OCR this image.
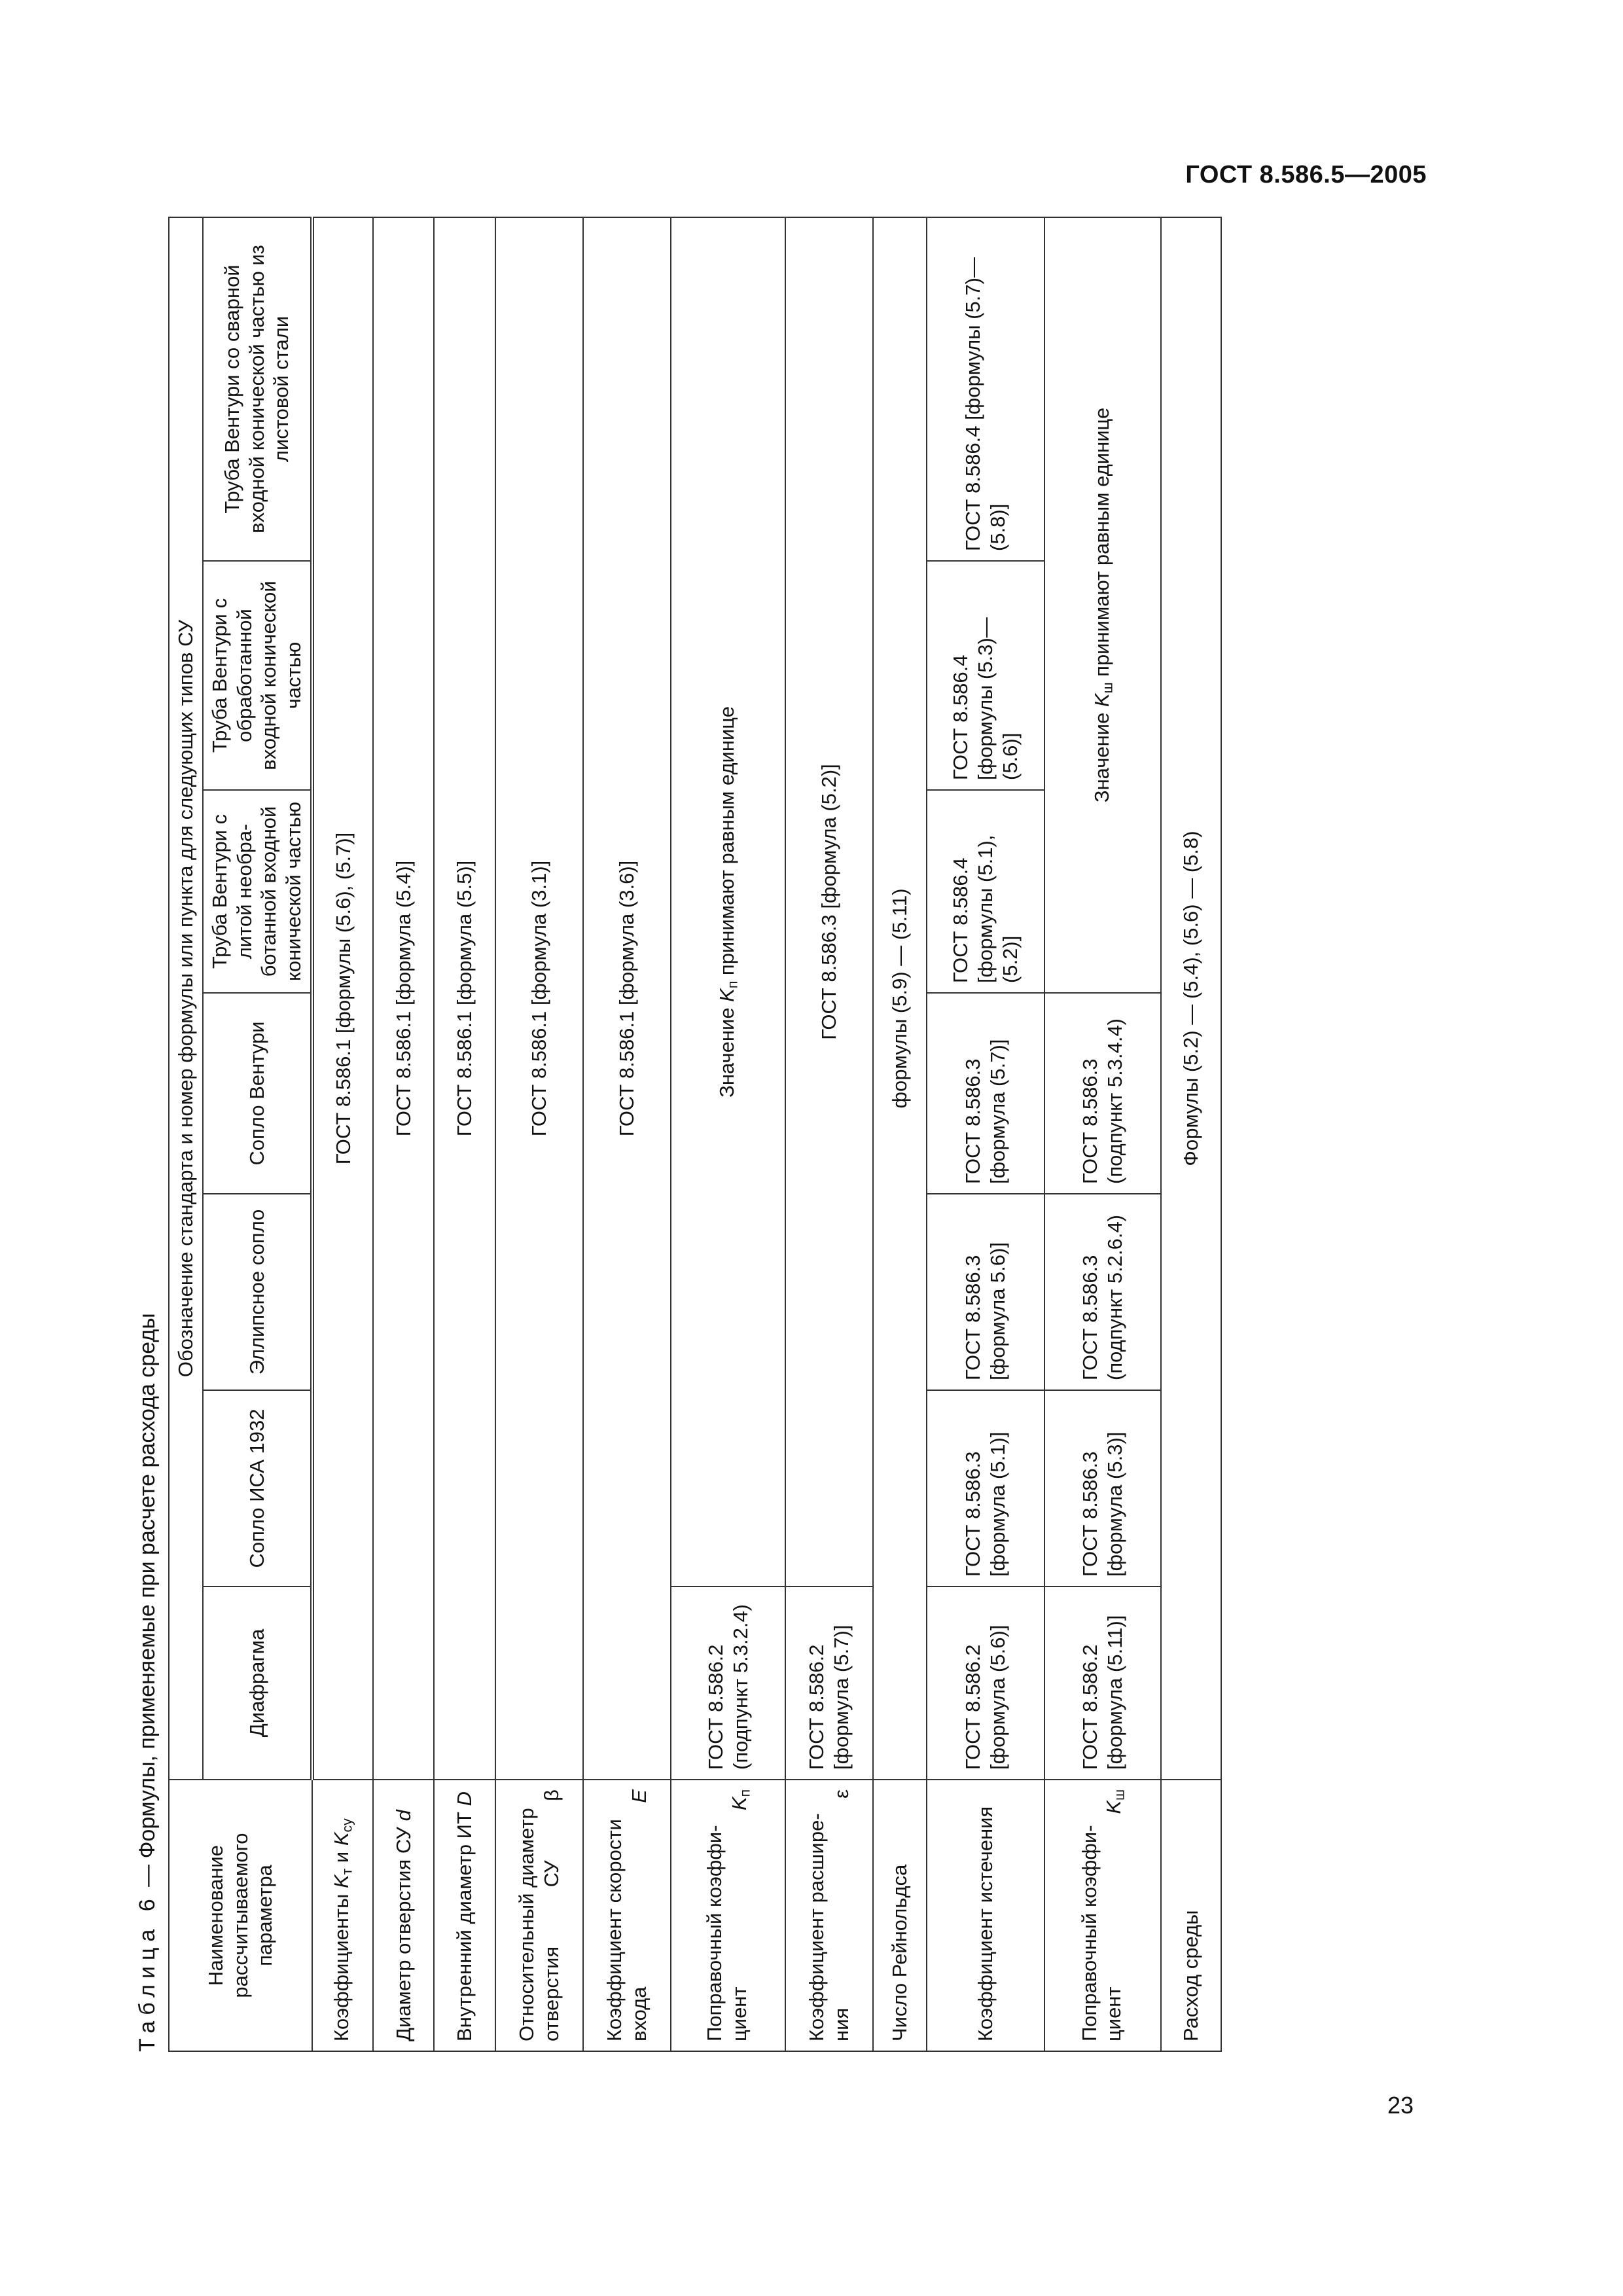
ГОСТ 8.586.5—2005
23
Таблица 6 — Формулы, применяемые при расчете расхода среды
Наименование рассчитываемого параметра	Обозначение стандарта и номер формулы или пункта для следующих типов СУ						
	Диафрагма	Сопло ИСА 1932	Эллипсное сопло	Сопло Вентури	Труба Вентури с литой необра-ботанной входной конической частью	Труба Вентури с обработанной входной конической частью	Труба Вентури со сварной входной конической частью из листовой стали
Коэффициенты $K_т$ и $K_{су}$	ГОСТ 8.586.1 [формулы (5.6), (5.7)]						
Диаметр отверстия СУ d	ГОСТ 8.586.1 [формула (5.4)]						
Внутренний диаметр ИТ D	ГОСТ 8.586.1 [формула (5.5)]						
Относительный диаметр отверстия СУ β	ГОСТ 8.586.1 [формула (3.1)]						
Коэффициент скорости входа E	ГОСТ 8.586.1 [формула (3.6)]						
Поправочный коэффи-циент $K_п$	ГОСТ 8.586.2 (подпункт 5.3.2.4)	Значение $K_п$ принимают равным единице					
Коэффициент расшире-ния ε	ГОСТ 8.586.2 [формула (5.7)]	ГОСТ 8.586.3 [формула (5.2)]					
Число Рейнольдса	формулы (5.9) — (5.11)						
Коэффициент истечения	ГОСТ 8.586.2 [формула (5.6)]	ГОСТ 8.586.3 [формула (5.1)]	ГОСТ 8.586.3 [формула 5.6)]	ГОСТ 8.586.3 [формула (5.7)]	ГОСТ 8.586.4 [формулы (5.1), (5.2)]	ГОСТ 8.586.4 [формулы (5.3)—(5.6)]	ГОСТ 8.586.4 [формулы (5.7)—(5.8)]
Поправочный коэффи-циент $K_ш$	ГОСТ 8.586.2 [формула (5.11)]	ГОСТ 8.586.3 [формула (5.3)]	ГОСТ 8.586.3 (подпункт 5.2.6.4)	ГОСТ 8.586.3 (подпункт 5.3.4.4)	Значение $K_ш$ принимают равным единице		
Расход среды	Формулы (5.2) — (5.4), (5.6) — (5.8)						
